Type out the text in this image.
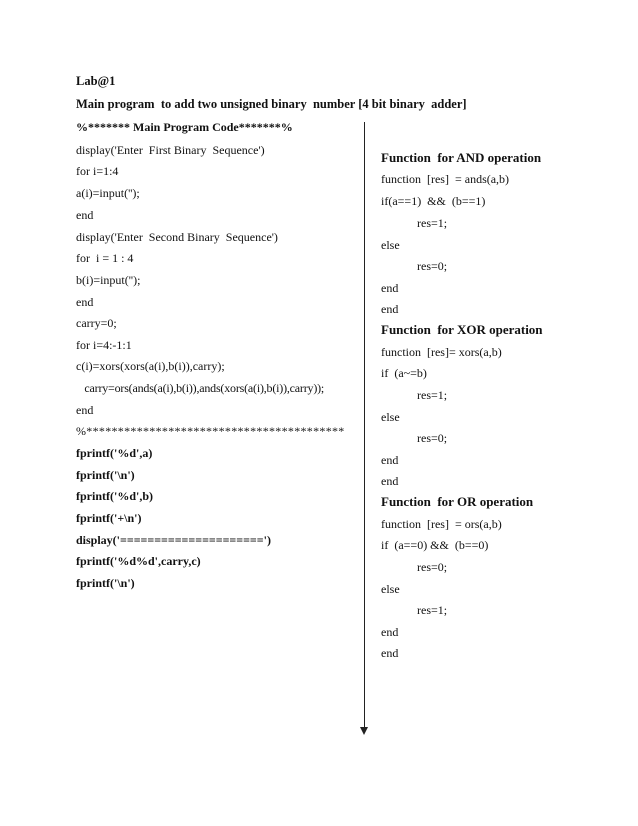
Lab@1
Main program  to add two unsigned binary  number [4 bit binary  adder]
%******* Main Program Code*******%
display('Enter  First Binary  Sequence')
for i=1:4
a(i)=input('');
end
display('Enter  Second Binary  Sequence')
for  i = 1 : 4
b(i)=input('');
end
carry=0;
for i=4:-1:1
c(i)=xors(xors(a(i),b(i)),carry);
carry=ors(ands(a(i),b(i)),ands(xors(a(i),b(i)),carry));
end
%*****************************************
fprintf('%d',a)
fprintf('\n')
fprintf('%d',b)
fprintf('+\n')
display('=====================')
fprintf('%d%d',carry,c)
fprintf('\n')
Function  for AND operation
function  [res]  = ands(a,b)
if(a==1)  &&  (b==1)
res=1;
else
res=0;
end
end
Function  for XOR operation
function  [res]= xors(a,b)
if  (a~=b)
res=1;
else
res=0;
end
end
Function  for OR operation
function  [res]  = ors(a,b)
if  (a==0) &&  (b==0)
res=0;
else
res=1;
end
end
